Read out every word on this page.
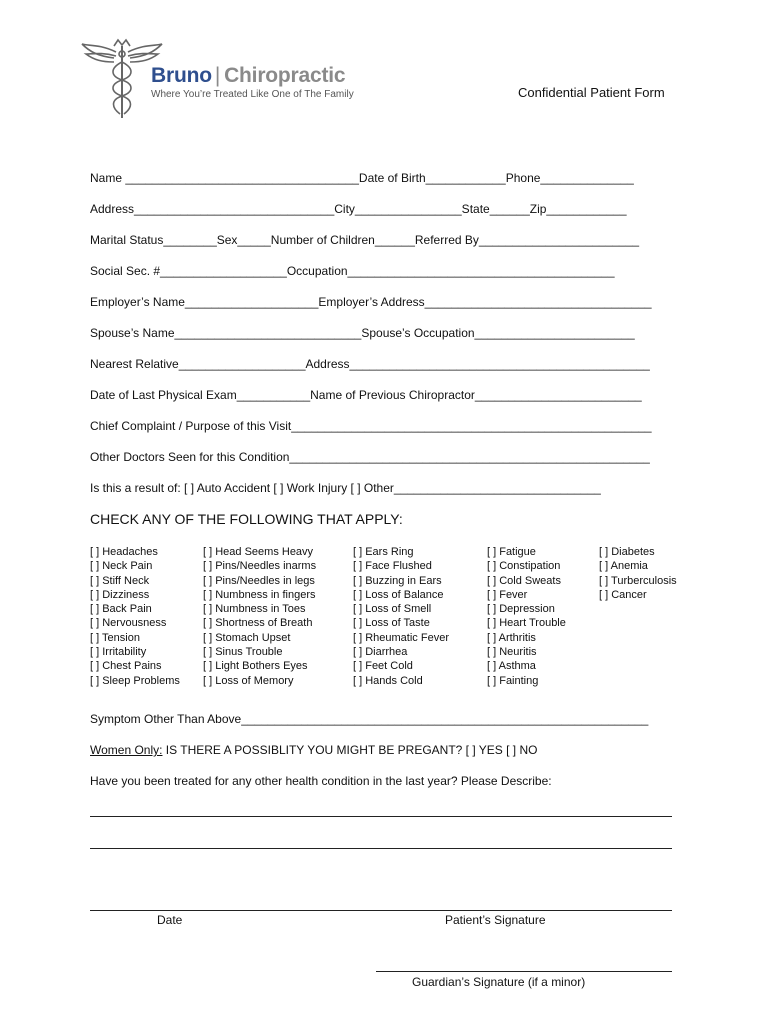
Bruno | Chiropractic
Where You’re Treated Like One of The Family	Confidential Patient Form
Name ___________________________________Date of Birth____________Phone______________
Address______________________________City________________State______Zip____________
Marital Status________Sex_____Number of Children______Referred By________________________
Social Sec. #___________________Occupation________________________________________
Employer’s Name____________________Employer’s Address__________________________________
Spouse’s Name____________________________Spouse’s Occupation________________________
Nearest Relative___________________Address_____________________________________________
Date of Last Physical Exam___________Name of Previous Chiropractor_________________________
Chief Complaint / Purpose of this Visit______________________________________________________
Other Doctors Seen for this Condition______________________________________________________
Is this a result of: [ ] Auto Accident [ ] Work Injury [ ] Other_______________________________
CHECK ANY OF THE FOLLOWING THAT APPLY:
[ ] Headaches
[ ] Neck Pain
[ ] Stiff Neck
[ ] Dizziness
[ ] Back Pain
[ ] Nervousness
[ ] Tension
[ ] Irritability
[ ] Chest Pains
[ ] Sleep Problems
[ ] Head Seems Heavy
[ ] Pins/Needles inarms
[ ] Pins/Needles in legs
[ ] Numbness in fingers
[ ] Numbness in Toes
[ ] Shortness of Breath
[ ] Stomach Upset
[ ] Sinus Trouble
[ ] Light Bothers Eyes
[ ] Loss of Memory
[ ] Ears Ring
[ ] Face Flushed
[ ] Buzzing in Ears
[ ] Loss of Balance
[ ] Loss of Smell
[ ] Loss of Taste
[ ] Rheumatic Fever
[ ] Diarrhea
[ ] Feet Cold
[ ] Hands Cold
[ ] Fatigue
[ ] Constipation
[ ] Cold Sweats
[ ] Fever
[ ] Depression
[ ] Heart Trouble
[ ] Arthritis
[ ] Neuritis
[ ] Asthma
[ ] Fainting
[ ] Diabetes
[ ] Anemia
[ ] Turberculosis
[ ] Cancer
Symptom Other Than Above_____________________________________________________________
Women Only: IS THERE A POSSIBLITY YOU MIGHT BE PREGANT? [ ] YES [ ] NO
Have you been treated for any other health condition in the last year? Please Describe:
Date	Patient’s Signature
Guardian’s Signature (if a minor)
